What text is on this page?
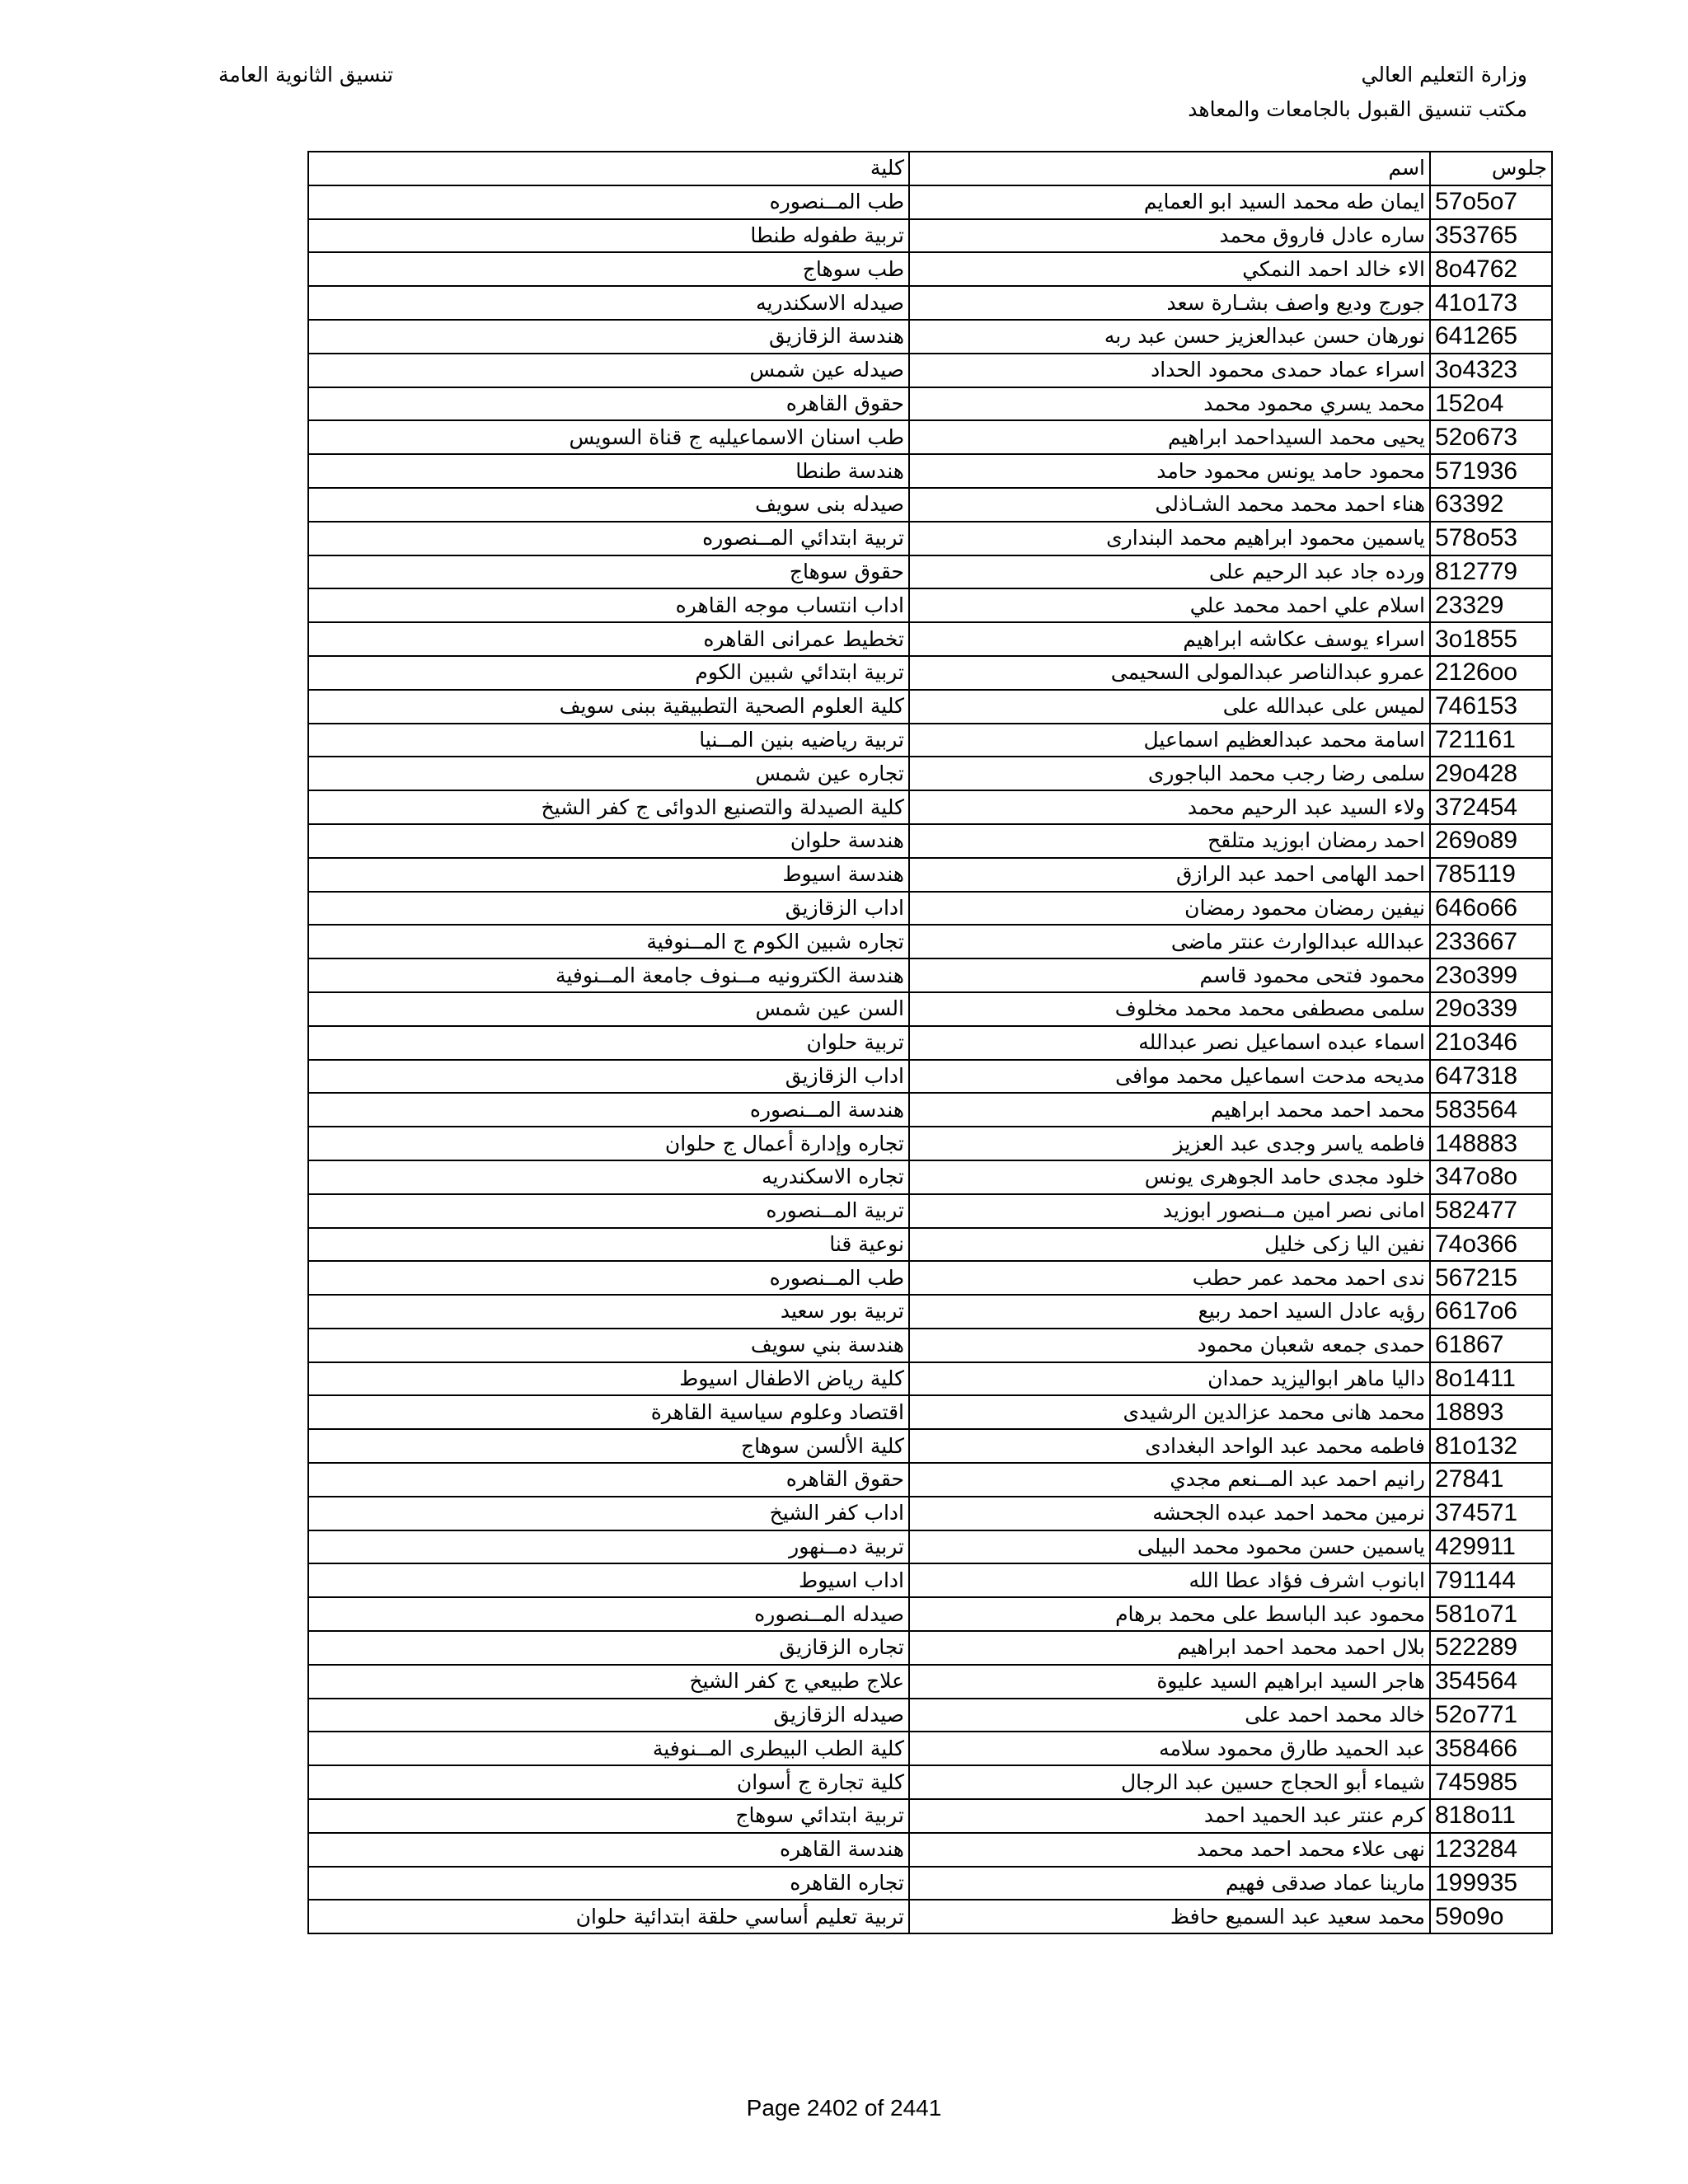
وزارة التعليم العالي
مكتب تنسيق القبول بالجامعات والمعاهد
تنسيق الثانوية العامة
جلوس	اسم	كلية
57o5o7	ايمان طه محمد السيد ابو العمايم	طب المــنصوره
353765	ساره عادل فاروق محمد	تربية طفوله طنطا
8o4762	الاء خالد احمد النمكي	طب سوهاج
41o173	جورج وديع واصف بشـارة سعد	صيدله الاسكندريه
641265	نورهان حسن عبدالعزيز حسن عبد ربه	هندسة الزقازيق
3o4323	اسراء عماد حمدى محمود الحداد	صيدله عين شمس
152o4	محمد يسري محمود محمد	حقوق القاهره
52o673	يحيى محمد السيداحمد ابراهيم	طب اسنان الاسماعيليه ج قناة السويس
571936	محمود حامد يونس محمود حامد	هندسة طنطا
63392	هناء احمد محمد محمد الشـاذلى	صيدله بنى سويف
578o53	ياسمين محمود ابراهيم محمد البندارى	تربية ابتدائي المــنصوره
812779	ورده جاد عبد الرحيم على	حقوق سوهاج
23329	اسلام علي احمد محمد علي	اداب انتساب موجه القاهره
3o1855	اسراء يوسف عكاشه ابراهيم	تخطيط عمرانى القاهره
2126oo	عمرو عبدالناصر عبدالمولى السحيمى	تربية ابتدائي شبين الكوم
746153	لميس على عبدالله على	كلية العلوم الصحية التطبيقية ببنى سويف
721161	اسامة محمد عبدالعظيم اسماعيل	تربية رياضيه بنين المــنيا
29o428	سلمى رضا رجب محمد الباجورى	تجاره عين شمس
372454	ولاء السيد عبد الرحيم محمد	كلية الصيدلة والتصنيع الدوائى ج كفر الشيخ
269o89	احمد رمضان ابوزيد متلقح	هندسة حلوان
785119	احمد الهامى احمد عبد الرازق	هندسة اسيوط
646o66	نيفين رمضان محمود رمضان	اداب الزقازيق
233667	عبدالله عبدالوارث عنتر ماضى	تجاره شبين الكوم ج المــنوفية
23o399	محمود فتحى محمود قاسم	هندسة الكترونيه مــنوف جامعة المــنوفية
29o339	سلمى مصطفى محمد محمد مخلوف	السن عين شمس
21o346	اسماء عبده اسماعيل نصر عبدالله	تربية حلوان
647318	مديحه مدحت اسماعيل محمد موافى	اداب الزقازيق
583564	محمد احمد محمد ابراهيم	هندسة المــنصوره
148883	فاطمه ياسر وجدى عبد العزيز	تجاره وإدارة أعمال ج حلوان
347o8o	خلود مجدى حامد الجوهرى يونس	تجاره الاسكندريه
582477	امانى نصر امين مــنصور ابوزيد	تربية المــنصوره
74o366	نفين اليا زكى خليل	نوعية قنا
567215	ندى احمد محمد عمر حطب	طب المــنصوره
6617o6	رؤيه عادل السيد احمد ربيع	تربية بور سعيد
61867	حمدى جمعه شعبان محمود	هندسة بني سويف
8o1411	داليا ماهر ابواليزيد حمدان	كلية رياض الاطفال اسيوط
18893	محمد هانى محمد عزالدين الرشيدى	اقتصاد وعلوم سياسية القاهرة
81o132	فاطمه محمد عبد الواحد البغدادى	كلية الألسن سوهاج
27841	رانيم احمد عبد المــنعم مجدي	حقوق القاهره
374571	نرمين محمد احمد عبده الجحشه	اداب كفر الشيخ
429911	ياسمين حسن محمود محمد البيلى	تربية دمــنهور
791144	ابانوب اشرف فؤاد عطا الله	اداب اسيوط
581o71	محمود عبد الباسط على محمد برهام	صيدله المــنصوره
522289	بلال احمد محمد احمد ابراهيم	تجاره الزقازيق
354564	هاجر السيد ابراهيم السيد عليوة	علاج طبيعي ج كفر الشيخ
52o771	خالد محمد احمد على	صيدله الزقازيق
358466	عبد الحميد طارق محمود سلامه	كلية الطب البيطرى المــنوفية
745985	شيماء أبو الحجاج حسين عبد الرجال	كلية تجارة ج أسوان
818o11	كرم عنتر عبد الحميد احمد	تربية ابتدائي سوهاج
123284	نهى علاء محمد احمد محمد	هندسة القاهره
199935	مارينا عماد صدقى فهيم	تجاره القاهره
59o9o	محمد سعيد عبد السميع حافظ	تربية تعليم أساسي حلقة ابتدائية حلوان
Page 2402 of 2441
